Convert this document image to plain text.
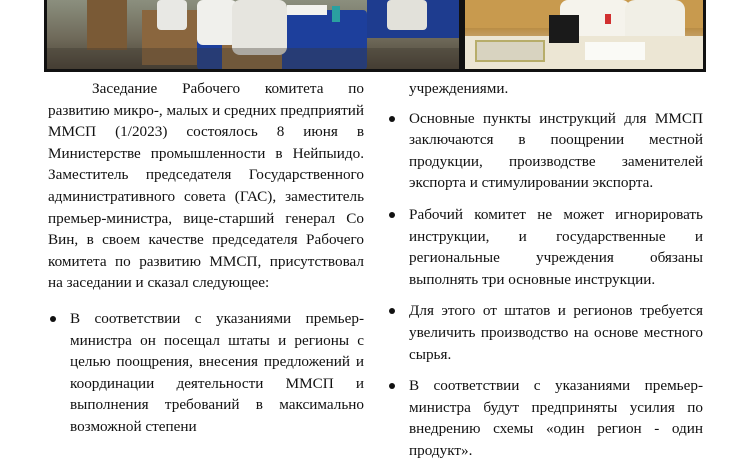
Заседание Рабочего комитета по развитию микро-, малых и средних предприятий ММСП (1/2023) состоялось 8 июня в Министерстве промышленности в Нейпыидо. Заместитель председателя Государственного административного совета (ГАС), заместитель премьер-министра, вице-старший генерал Со Вин, в своем качестве председателя Рабочего комитета по развитию ММСП, присутствовал на заседании и сказал следующее:

В соответствии с указаниями премьер-министра он посещал штаты и регионы с целью поощрения, внесения предложений и координации деятельности ММСП и выполнения требований в максимально возможной степени

учреждениями.

Основные пункты инструкций для ММСП заключаются в поощрении местной продукции, производстве заменителей экспорта и стимулировании экспорта.
Рабочий комитет не может игнорировать инструкции, и государственные и региональные учреждения обязаны выполнять три основные инструкции.
Для этого от штатов и регионов требуется увеличить производство на основе местного сырья.
В соответствии с указаниями премьер-министра будут предприняты усилия по внедрению схемы «один регион - один продукт».
